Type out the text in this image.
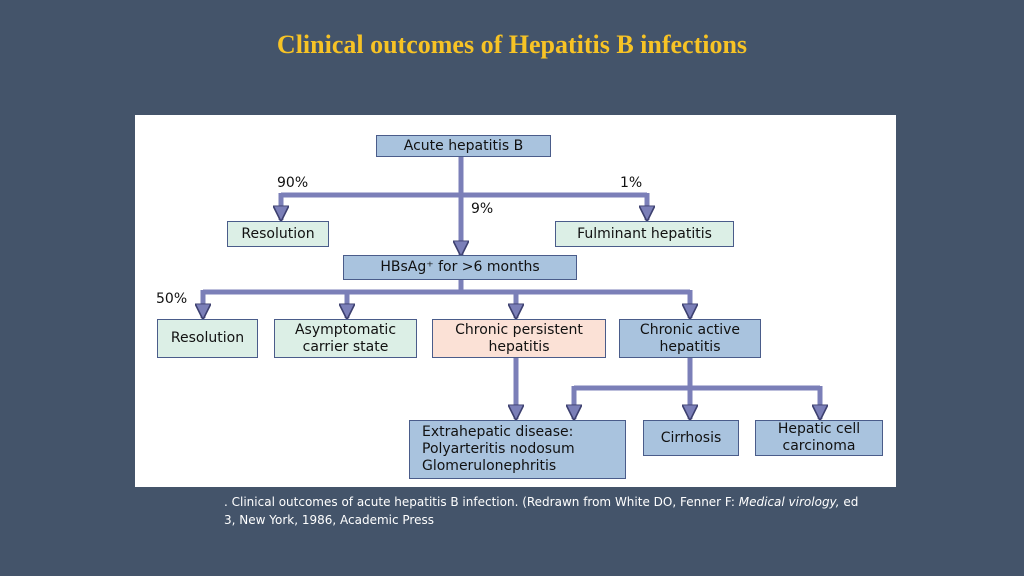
Clinical outcomes of Hepatitis B infections
Acute hepatitis B
Resolution	Fulminant hepatitis
HBsAg⁺ for >6 months
Resolution
Asymptomatic
carrier state
Chronic persistent
hepatitis
Chronic active
hepatitis
Extrahepatic disease:
Polyarteritis nodosum
Glomerulonephritis
Cirrhosis
Hepatic cell
carcinoma
90%	1%
9%
50%
. Clinical outcomes of acute hepatitis B infection. (Redrawn from White DO, Fenner F: Medical virology, ed 3, New York, 1986, Academic Press
